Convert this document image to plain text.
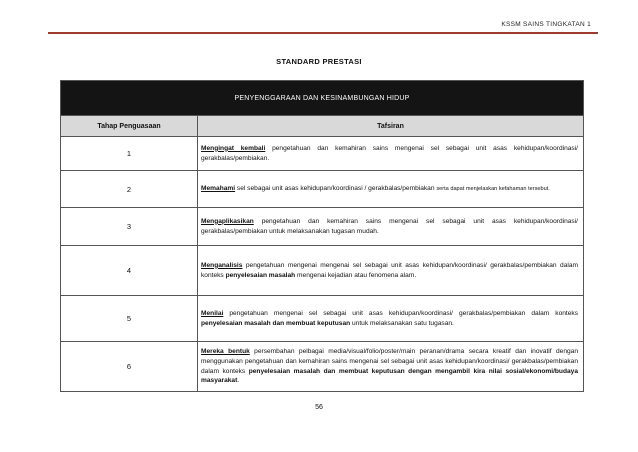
KSSM SAINS TINGKATAN 1
STANDARD PRESTASI
PENYENGGARAAN DAN KESINAMBUNGAN HIDUP	
Tahap Penguasaan	Tafsiran
1	Mengingat kembali pengetahuan dan kemahiran sains mengenai sel sebagai unit asas kehidupan/koordinasi/ gerakbalas/pembiakan.
2	Memahami sel sebagai unit asas kehidupan/koordinasi / gerakbalas/pembiakan serta dapat menjelaskan kefahaman tersebut.
3	Mengaplikasikan pengetahuan dan kemahiran sains mengenai sel sebagai unit asas kehidupan/koordinasi/ gerakbalas/pembiakan untuk melaksanakan tugasan mudah.
4	Menganalisis pengetahuan mengenai mengenai sel sebagai unit asas kehidupan/koordinasi/ gerakbalas/pembiakan dalam konteks penyelesaian masalah mengenai kejadian atau fenomena alam.
5	Menilai pengetahuan mengenai sel sebagai unit asas kehidupan/koordinasi/ gerakbalas/pembiakan dalam konteks penyelesaian masalah dan membuat keputusan untuk melaksanakan satu tugasan.
6	Mereka bentuk persembahan pelbagai media/visual/folio/poster/main peranan/drama secara kreatif dan inovatif dengan menggunakan pengetahuan dan kemahiran sains mengenai sel sebagai unit asas kehidupan/koordinasi/ gerakbalas/pembiakan dalam konteks penyelesaian masalah dan membuat keputusan dengan mengambil kira nilai sosial/ekonomi/budaya masyarakat.
56
